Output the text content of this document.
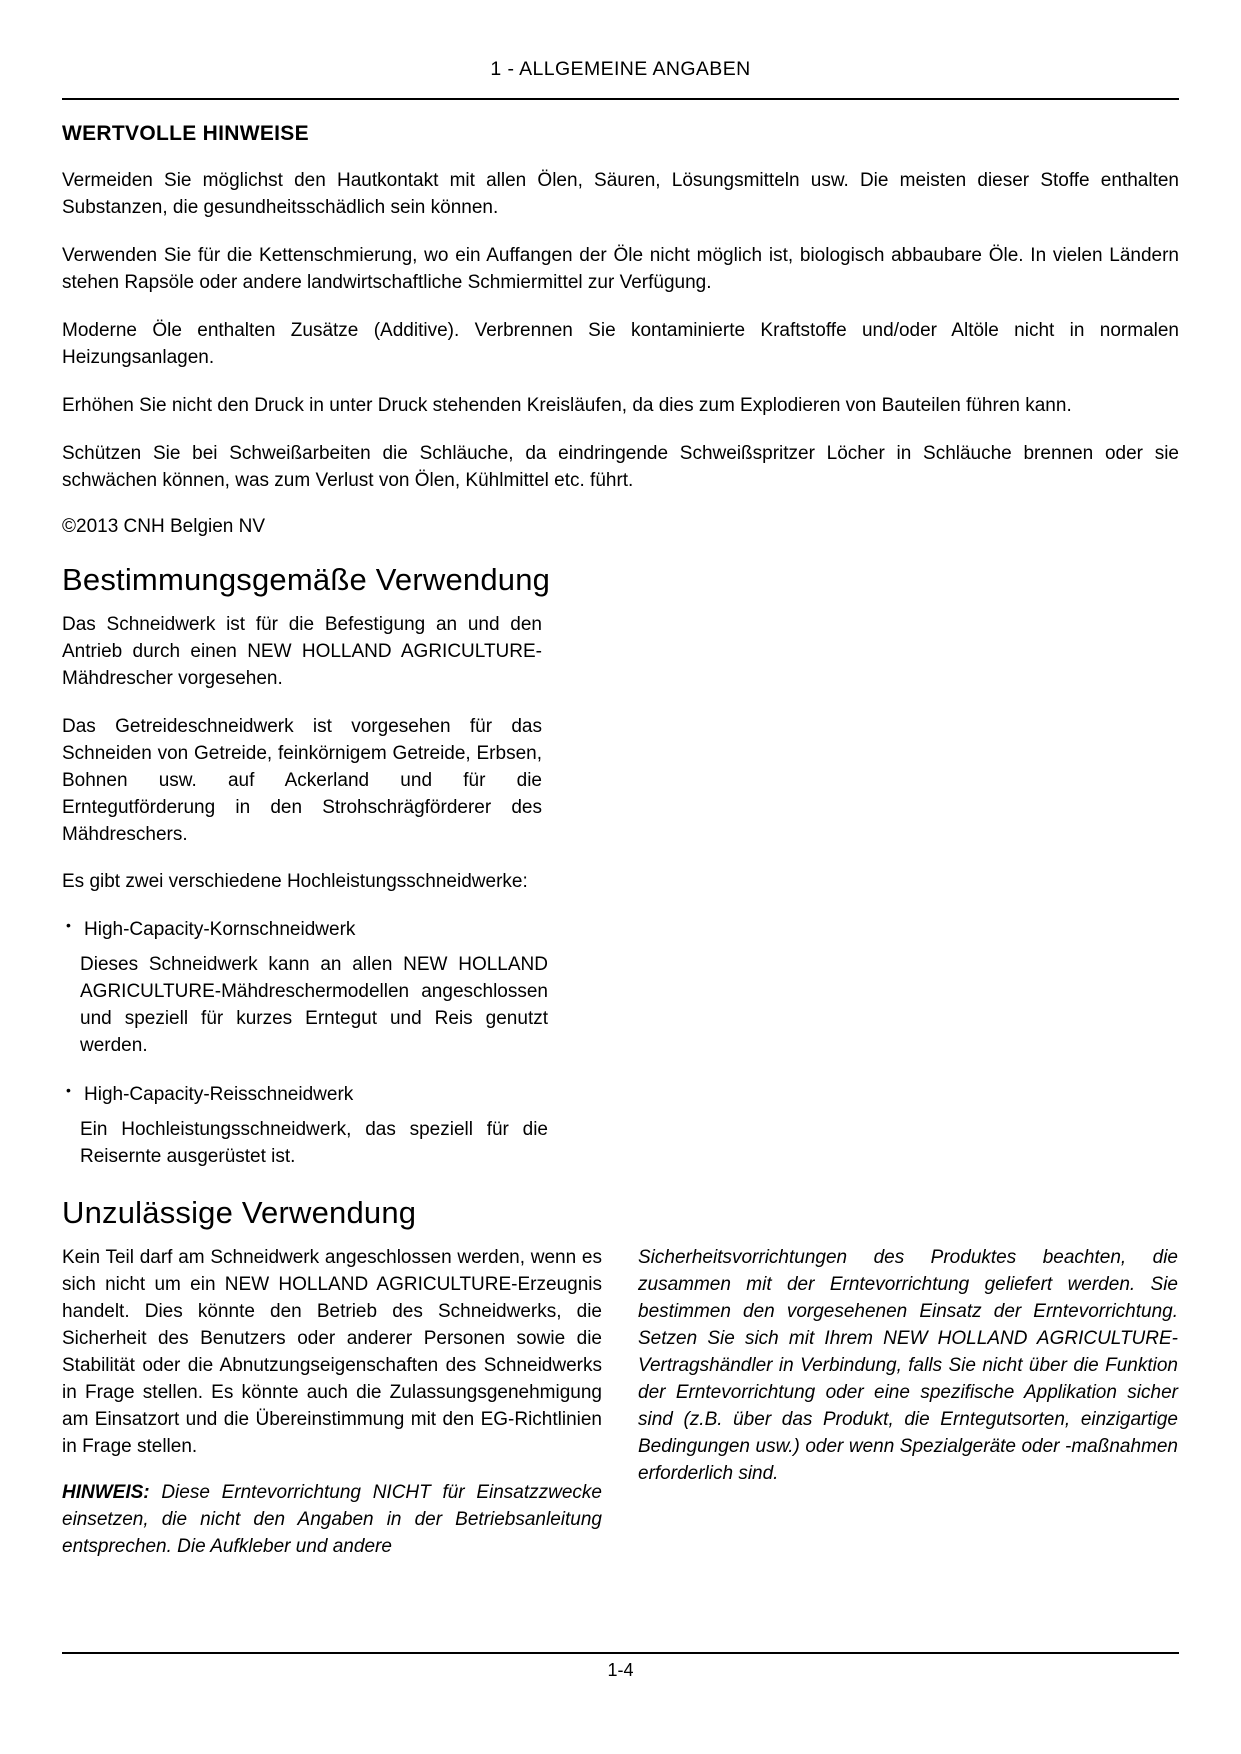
1 - ALLGEMEINE ANGABEN
WERTVOLLE HINWEISE

Vermeiden Sie möglichst den Hautkontakt mit allen Ölen, Säuren, Lösungsmitteln usw. Die meisten dieser Stoffe enthalten Substanzen, die gesundheitsschädlich sein können.

Verwenden Sie für die Kettenschmierung, wo ein Auffangen der Öle nicht möglich ist, biologisch abbaubare Öle. In vielen Ländern stehen Rapsöle oder andere landwirtschaftliche Schmiermittel zur Verfügung.

Moderne Öle enthalten Zusätze (Additive). Verbrennen Sie kontaminierte Kraftstoffe und/oder Altöle nicht in normalen Heizungsanlagen.

Erhöhen Sie nicht den Druck in unter Druck stehenden Kreisläufen, da dies zum Explodieren von Bauteilen führen kann.

Schützen Sie bei Schweißarbeiten die Schläuche, da eindringende Schweißspritzer Löcher in Schläuche brennen oder sie schwächen können, was zum Verlust von Ölen, Kühlmittel etc. führt.

©2013 CNH Belgien NV

Bestimmungsgemäße Verwendung

Das Schneidwerk ist für die Befestigung an und den Antrieb durch einen NEW HOLLAND AGRICULTURE-Mähdrescher vorgesehen.

Das Getreideschneidwerk ist vorgesehen für das Schneiden von Getreide, feinkörnigem Getreide, Erbsen, Bohnen usw. auf Ackerland und für die Erntegutförderung in den Strohschrägförderer des Mähdreschers.

Es gibt zwei verschiedene Hochleistungsschneidwerke:

• High-Capacity-Kornschneidwerk

Dieses Schneidwerk kann an allen NEW HOLLAND AGRICULTURE-Mähdreschermodellen angeschlossen und speziell für kurzes Erntegut und Reis genutzt werden.

• High-Capacity-Reisschneidwerk

Ein Hochleistungsschneidwerk, das speziell für die Reisernte ausgerüstet ist.

Unzulässige Verwendung

Kein Teil darf am Schneidwerk angeschlossen werden, wenn es sich nicht um ein NEW HOLLAND AGRICULTURE-Erzeugnis handelt. Dies könnte den Betrieb des Schneidwerks, die Sicherheit des Benutzers oder anderer Personen sowie die Stabilität oder die Abnutzungseigenschaften des Schneidwerks in Frage stellen. Es könnte auch die Zulassungsgenehmigung am Einsatzort und die Übereinstimmung mit den EG-Richtlinien in Frage stellen.

HINWEIS: Diese Erntevorrichtung NICHT für Einsatzzwecke einsetzen, die nicht den Angaben in der Betriebsanleitung entsprechen. Die Aufkleber und andere

Sicherheitsvorrichtungen des Produktes beachten, die zusammen mit der Erntevorrichtung geliefert werden. Sie bestimmen den vorgesehenen Einsatz der Erntevorrichtung. Setzen Sie sich mit Ihrem NEW HOLLAND AGRICULTURE-Vertragshändler in Verbindung, falls Sie nicht über die Funktion der Erntevorrichtung oder eine spezifische Applikation sicher sind (z.B. über das Produkt, die Erntegutsorten, einzigartige Bedingungen usw.) oder wenn Spezialgeräte oder -maßnahmen erforderlich sind.

1-4
